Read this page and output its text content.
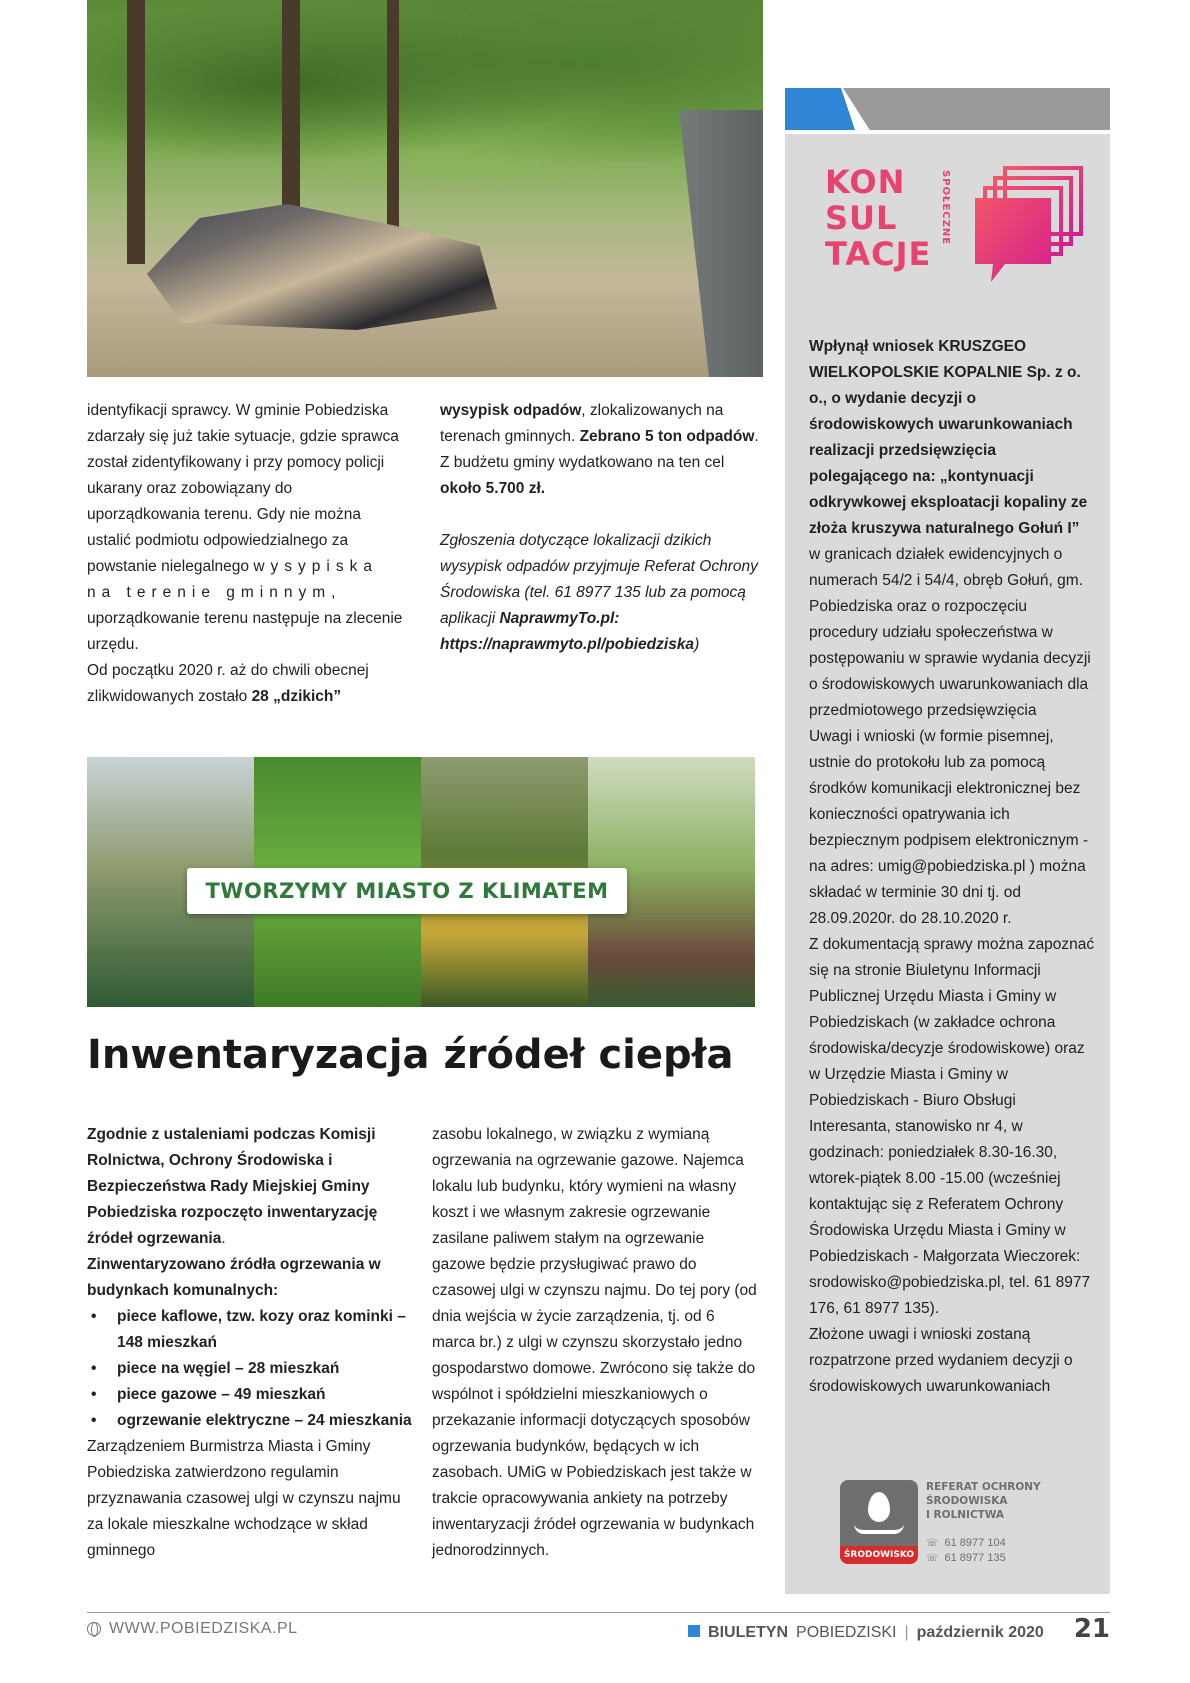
identyfikacji sprawcy. W gminie Pobiedziska zdarzały się już takie sytuacje, gdzie sprawca został zidentyfikowany i przy pomocy policji ukarany oraz zobowiązany do uporządkowania terenu. Gdy nie można ustalić podmiotu odpowiedzialnego za powstanie nielegalnego wysypiska na terenie gminnym, uporządkowanie terenu następuje na zlecenie urzędu.

Od początku 2020 r. aż do chwili obecnej zlikwidowanych zostało 28 „dzikich”

wysypisk odpadów, zlokalizowanych na terenach gminnych. Zebrano 5 ton odpadów. Z budżetu gminy wydatkowano na ten cel około 5.700 zł.

Zgłoszenia dotyczące lokalizacji dzikich wysypisk odpadów przyjmuje Referat Ochrony Środowiska (tel. 61 8977 135 lub za pomocą aplikacji NaprawmyTo.pl: https://naprawmyto.pl/pobiedziska)

TWORZYMY MIASTO Z KLIMATEM
Inwentaryzacja źródeł ciepła

Zgodnie z ustaleniami podczas Komisji Rolnictwa, Ochrony Środowiska i Bezpieczeństwa Rady Miejskiej Gminy Pobiedziska rozpoczęto inwentaryzację źródeł ogrzewania.

Zinwentaryzowano źródła ogrzewania w budynkach komunalnych:

• piece kaflowe, tzw. kozy oraz kominki – 148 mieszkań
• piece na węgiel – 28 mieszkań
• piece gazowe – 49 mieszkań
• ogrzewanie elektryczne – 24 mieszkania

Zarządzeniem Burmistrza Miasta i Gminy Pobiedziska zatwierdzono regulamin przyznawania czasowej ulgi w czynszu najmu za lokale mieszkalne wchodzące w skład gminnego

zasobu lokalnego, w związku z wymianą ogrzewania na ogrzewanie gazowe. Najemca lokalu lub budynku, który wymieni na własny koszt i we własnym zakresie ogrzewanie zasilane paliwem stałym na ogrzewanie gazowe będzie przysługiwać prawo do czasowej ulgi w czynszu najmu. Do tej pory (od dnia wejścia w życie zarządzenia, tj. od 6 marca br.) z ulgi w czynszu skorzystało jedno gospodarstwo domowe. Zwrócono się także do wspólnot i spółdzielni mieszkaniowych o przekazanie informacji dotyczących sposobów ogrzewania budynków, będących w ich zasobach. UMiG w Pobiedziskach jest także w trakcie opracowywania ankiety na potrzeby inwentaryzacji źródeł ogrzewania w budynkach jednorodzinnych.

KON
SUL
TACJE
SPOŁECZNE

Wpłynął wniosek KRUSZGEO WIELKOPOLSKIE KOPALNIE Sp. z o. o., o wydanie decyzji o środowiskowych uwarunkowaniach realizacji przedsięwzięcia polegającego na: „kontynuacji odkrywkowej eksploatacji kopaliny ze złoża kruszywa naturalnego Gołuń I”

w granicach działek ewidencyjnych o numerach 54/2 i 54/4, obręb Gołuń, gm. Pobiedziska oraz o rozpoczęciu procedury udziału społeczeństwa w postępowaniu w sprawie wydania decyzji o środowiskowych uwarunkowaniach dla przedmiotowego przedsięwzięcia

Uwagi i wnioski (w formie pisemnej, ustnie do protokołu lub za pomocą środków komunikacji elektronicznej bez konieczności opatrywania ich bezpiecznym podpisem elektronicznym - na adres: umig@pobiedziska.pl ) można składać w terminie 30 dni tj. od 28.09.2020r. do 28.10.2020 r.

Z dokumentacją sprawy można zapoznać się na stronie Biuletynu Informacji Publicznej Urzędu Miasta i Gminy w Pobiedziskach (w zakładce ochrona środowiska/decyzje środowiskowe) oraz w Urzędzie Miasta i Gminy w Pobiedziskach - Biuro Obsługi Interesanta, stanowisko nr 4, w godzinach: poniedziałek 8.30-16.30, wtorek-piątek 8.00 -15.00 (wcześniej kontaktując się z Referatem Ochrony Środowiska Urzędu Miasta i Gminy w Pobiedziskach - Małgorzata Wieczorek: srodowisko@pobiedziska.pl, tel. 61 8977 176, 61 8977 135).

Złożone uwagi i wnioski zostaną rozpatrzone przed wydaniem decyzji o środowiskowych uwarunkowaniach

ŚRODOWISKO
REFERAT OCHRONY
ŚRODOWISKA
I ROLNICTWA
☏ 61 8977 104
☏ 61 8977 135
WWW.POBIEDZISKA.PL	BIULETYN POBIEDZISKI | październik 2020 21
